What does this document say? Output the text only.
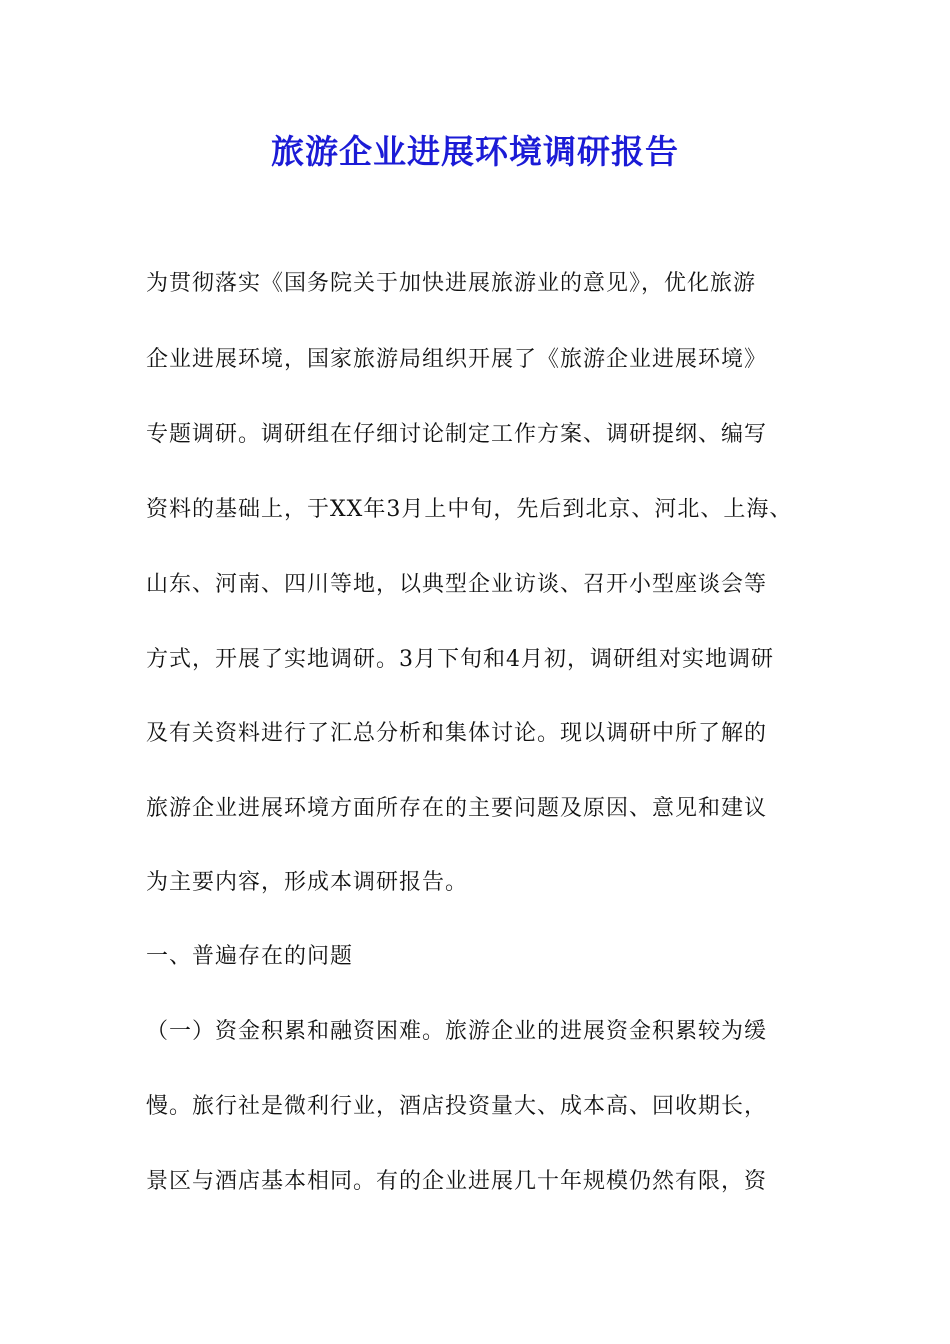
旅游企业进展环境调研报告
为贯彻落实《国务院关于加快进展旅游业的意见》，优化旅游
企业进展环境，国家旅游局组织开展了《旅游企业进展环境》
专题调研。调研组在仔细讨论制定工作方案、调研提纲、编写
资料的基础上，于XX年3月上中旬，先后到北京、河北、上海、
山东、河南、四川等地，以典型企业访谈、召开小型座谈会等
方式，开展了实地调研。3月下旬和4月初，调研组对实地调研
及有关资料进行了汇总分析和集体讨论。现以调研中所了解的
旅游企业进展环境方面所存在的主要问题及原因、意见和建议
为主要内容，形成本调研报告。
一、普遍存在的问题
（一）资金积累和融资困难。旅游企业的进展资金积累较为缓
慢。旅行社是微利行业，酒店投资量大、成本高、回收期长，
景区与酒店基本相同。有的企业进展几十年规模仍然有限，资
